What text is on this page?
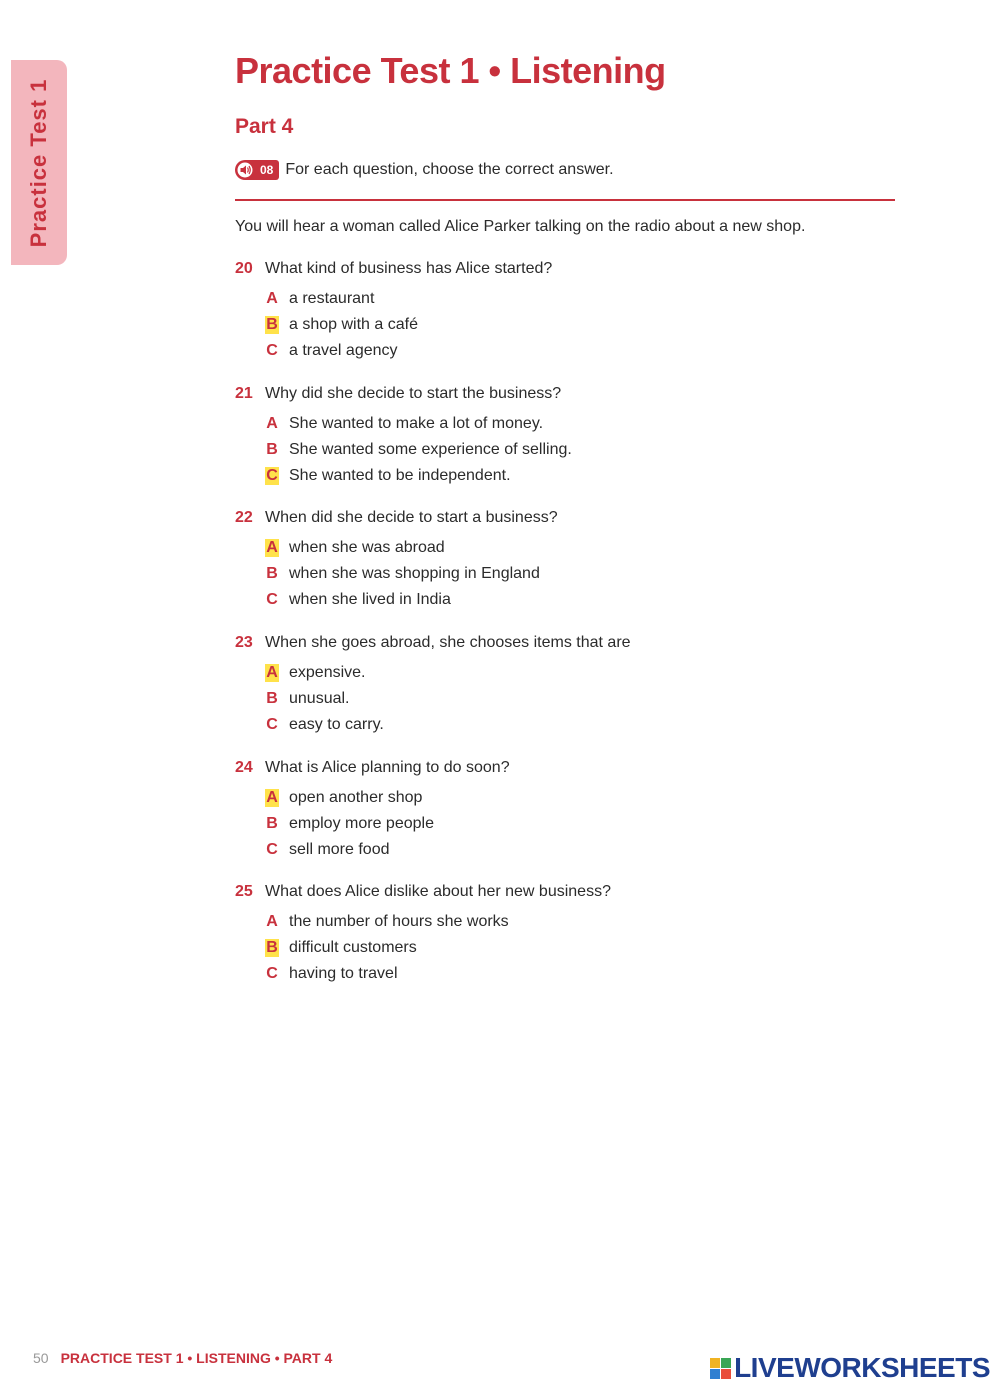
Practice Test 1
Practice Test 1 • Listening
Part 4
08 For each question, choose the correct answer.
You will hear a woman called Alice Parker talking on the radio about a new shop.
20 What kind of business has Alice started?
A a restaurant
B a shop with a café
C a travel agency
21 Why did she decide to start the business?
A She wanted to make a lot of money.
B She wanted some experience of selling.
C She wanted to be independent.
22 When did she decide to start a business?
A when she was abroad
B when she was shopping in England
C when she lived in India
23 When she goes abroad, she chooses items that are
A expensive.
B unusual.
C easy to carry.
24 What is Alice planning to do soon?
A open another shop
B employ more people
C sell more food
25 What does Alice dislike about her new business?
A the number of hours she works
B difficult customers
C having to travel
50 PRACTICE TEST 1 • LISTENING • PART 4	LIVEWORKSHEETS
